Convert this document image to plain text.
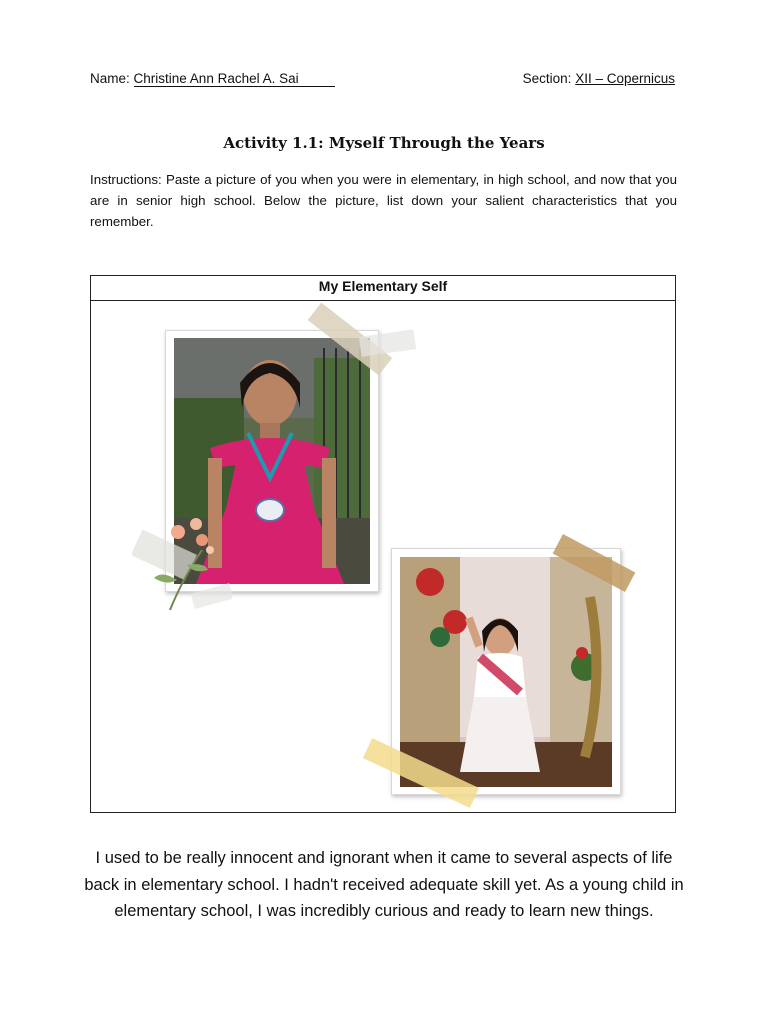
Name: Christine Ann Rachel A. Sai	Section: XII – Copernicus
Activity 1.1: Myself Through the Years
Instructions: Paste a picture of you when you were in elementary, in high school, and now that you are in senior high school. Below the picture, list down your salient characteristics that you remember.
My Elementary Self
I used to be really innocent and ignorant when it came to several aspects of life back in elementary school. I hadn't received adequate skill yet. As a young child in elementary school, I was incredibly curious and ready to learn new things.
